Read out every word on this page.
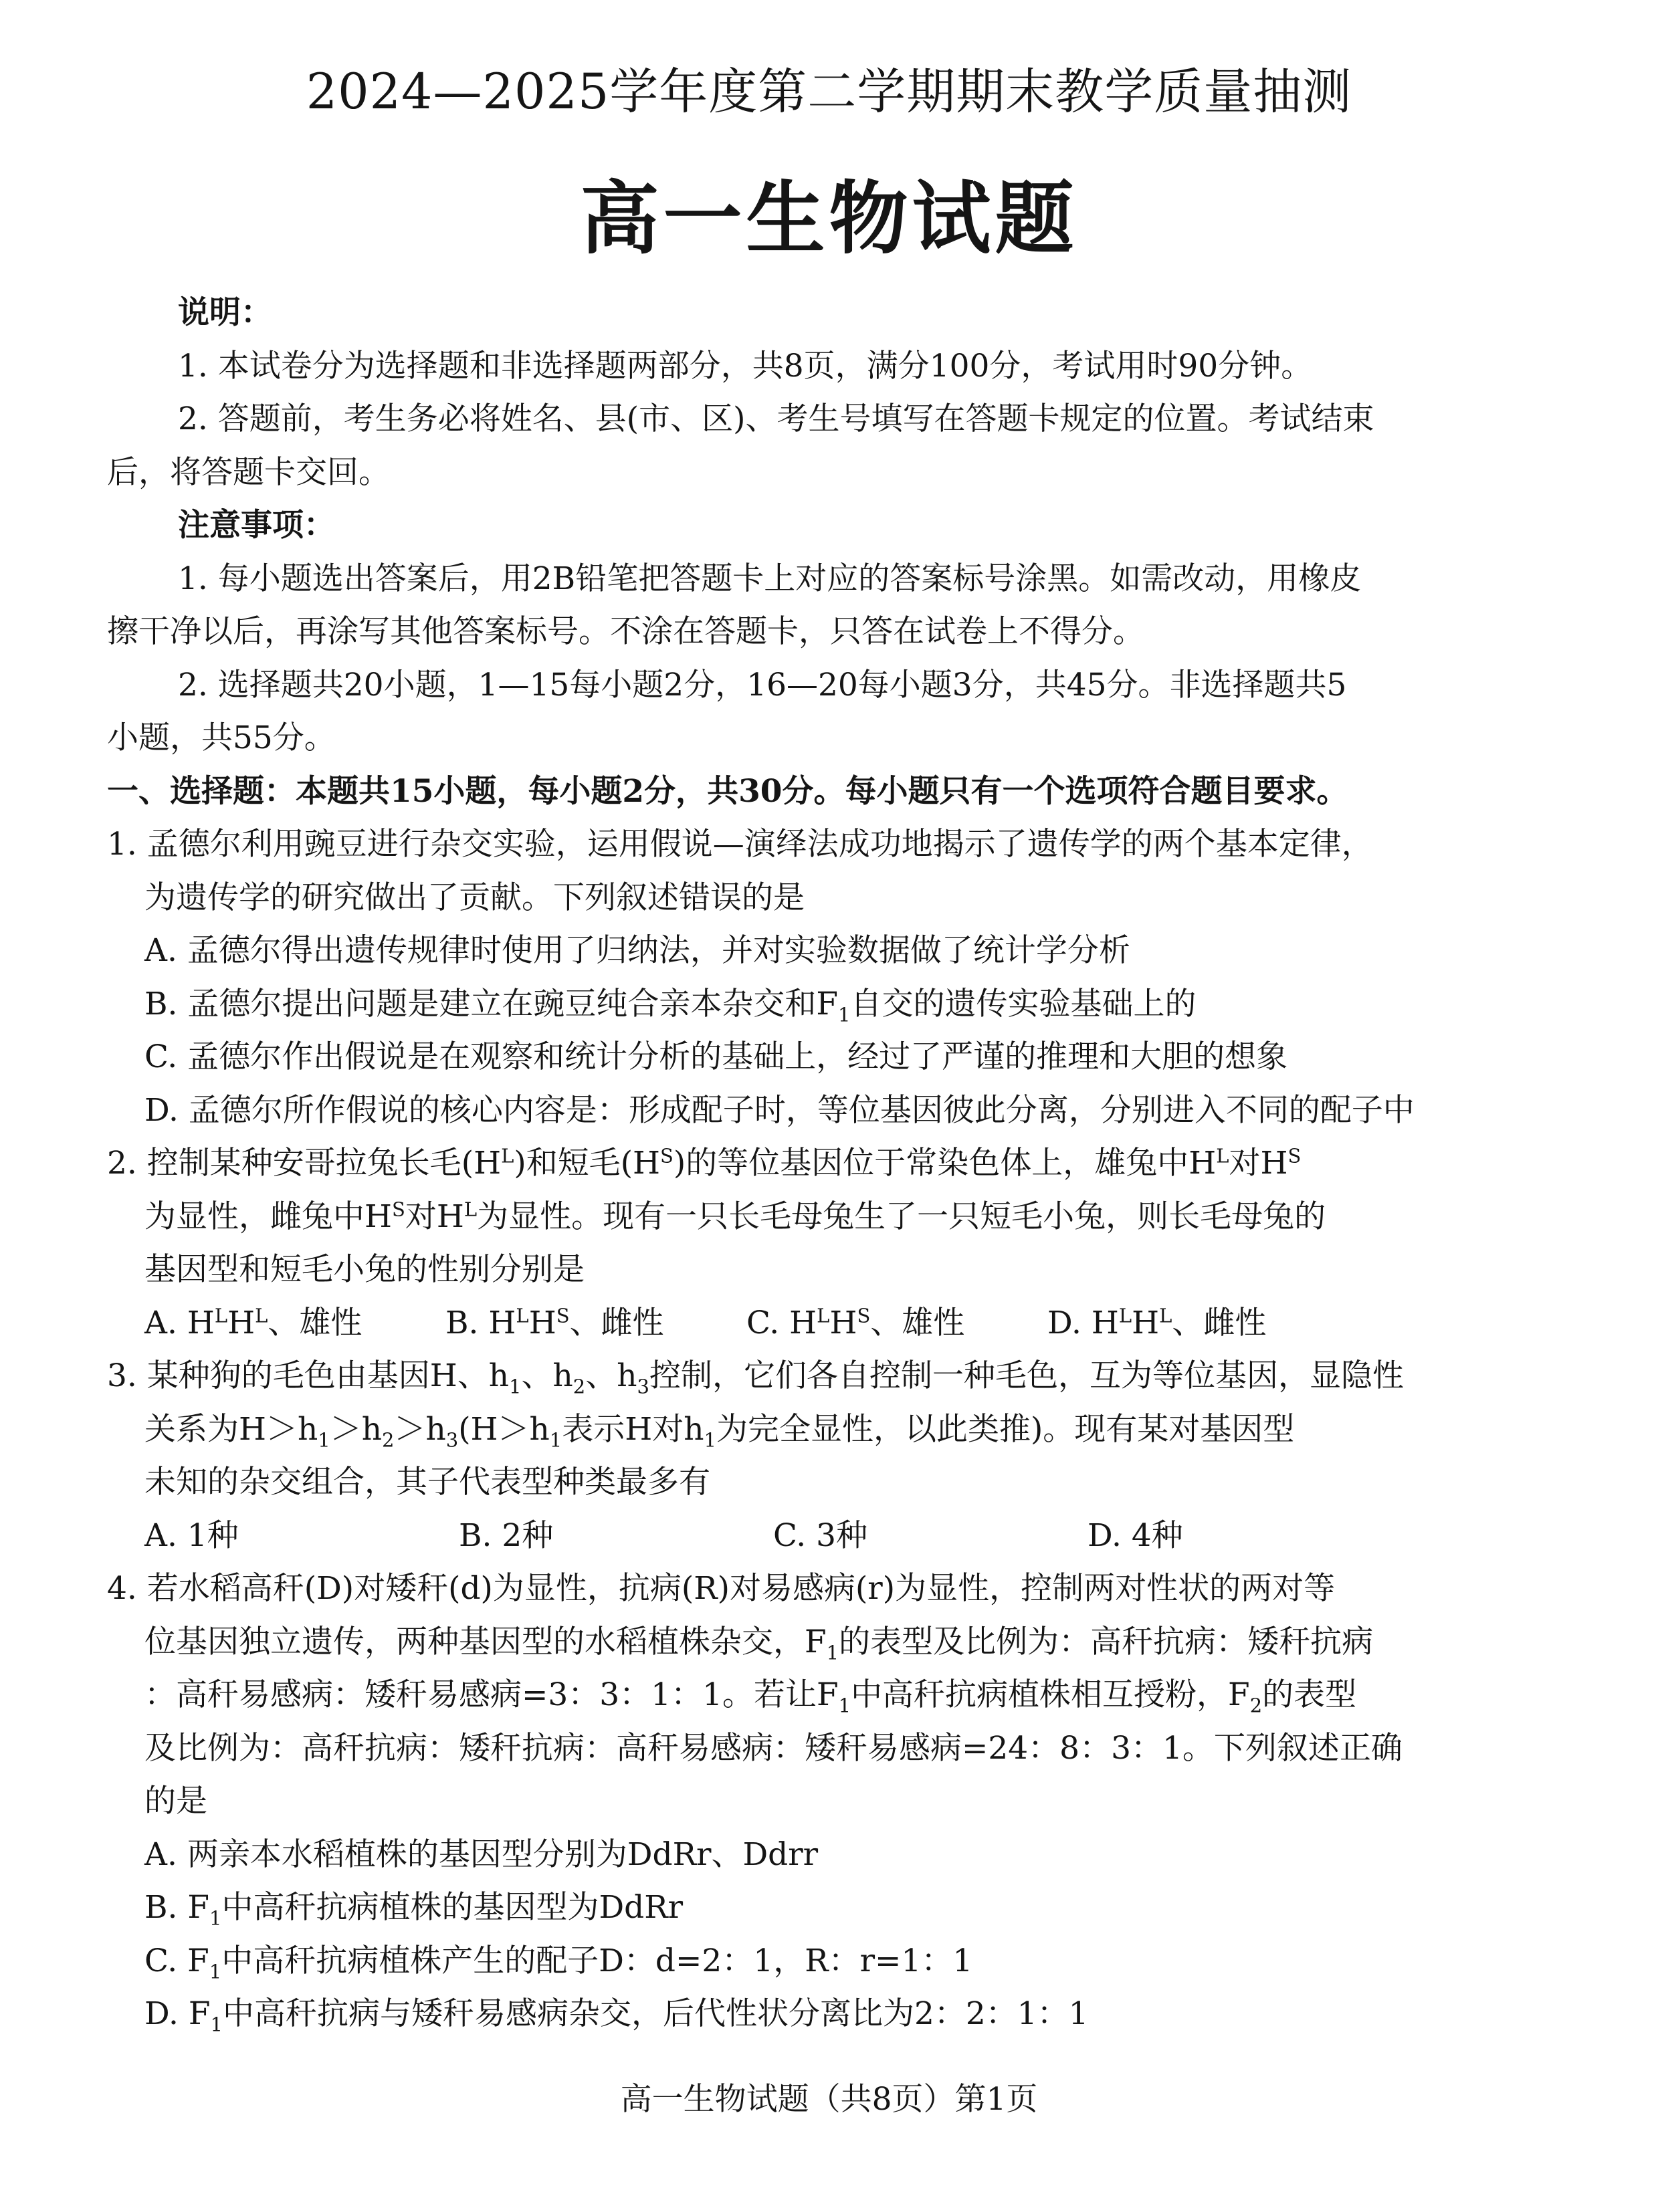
2024—2025学年度第二学期期末教学质量抽测
高一生物试题
说明：
1. 本试卷分为选择题和非选择题两部分，共8页，满分100分，考试用时90分钟。
2. 答题前，考生务必将姓名、县(市、区)、考生号填写在答题卡规定的位置。考试结束
后，将答题卡交回。
注意事项：
1. 每小题选出答案后，用2B铅笔把答题卡上对应的答案标号涂黑。如需改动，用橡皮
擦干净以后，再涂写其他答案标号。不涂在答题卡，只答在试卷上不得分。
2. 选择题共20小题，1—15每小题2分，16—20每小题3分，共45分。非选择题共5
小题，共55分。
一、选择题：本题共15小题，每小题2分，共30分。每小题只有一个选项符合题目要求。
1. 孟德尔利用豌豆进行杂交实验，运用假说—演绎法成功地揭示了遗传学的两个基本定律，
为遗传学的研究做出了贡献。下列叙述错误的是
A. 孟德尔得出遗传规律时使用了归纳法，并对实验数据做了统计学分析
B. 孟德尔提出问题是建立在豌豆纯合亲本杂交和$F_1$自交的遗传实验基础上的
C. 孟德尔作出假说是在观察和统计分析的基础上，经过了严谨的推理和大胆的想象
D. 孟德尔所作假说的核心内容是：形成配子时，等位基因彼此分离，分别进入不同的配子中
2. 控制某种安哥拉兔长毛$(H^L)$和短毛$(H^S)$的等位基因位于常染色体上，雄兔中$H^L$对$H^S$
为显性，雌兔中$H^S$对$H^L$为显性。现有一只长毛母兔生了一只短毛小兔，则长毛母兔的
基因型和短毛小兔的性别分别是
A. $H^LH^L$、雄性	B. $H^LH^S$、雌性	C. $H^LH^S$、雄性	D. $H^LH^L$、雌性
3. 某种狗的毛色由基因H、$h_1$、$h_2$、$h_3$控制，它们各自控制一种毛色，互为等位基因，显隐性
关系为$H>h_1>h_2>h_3(H>h_1$表示H对$h_1$为完全显性，以此类推)。现有某对基因型
未知的杂交组合，其子代表型种类最多有
A. 1种	B. 2种	C. 3种	D. 4种
4. 若水稻高秆(D)对矮秆(d)为显性，抗病(R)对易感病(r)为显性，控制两对性状的两对等
位基因独立遗传，两种基因型的水稻植株杂交，$F_1$的表型及比例为：高秆抗病：矮秆抗病
：高秆易感病：矮秆易感病=3：3：1：1。若让$F_1$中高秆抗病植株相互授粉，$F_2$的表型
及比例为：高秆抗病：矮秆抗病：高秆易感病：矮秆易感病=24：8：3：1。下列叙述正确
的是
A. 两亲本水稻植株的基因型分别为DdRr、Ddrr
B. $F_1$中高秆抗病植株的基因型为DdRr
C. $F_1$中高秆抗病植株产生的配子D：d=2：1，R：r=1：1
D. $F_1$中高秆抗病与矮秆易感病杂交，后代性状分离比为2：2：1：1
高一生物试题（共8页）第1页
